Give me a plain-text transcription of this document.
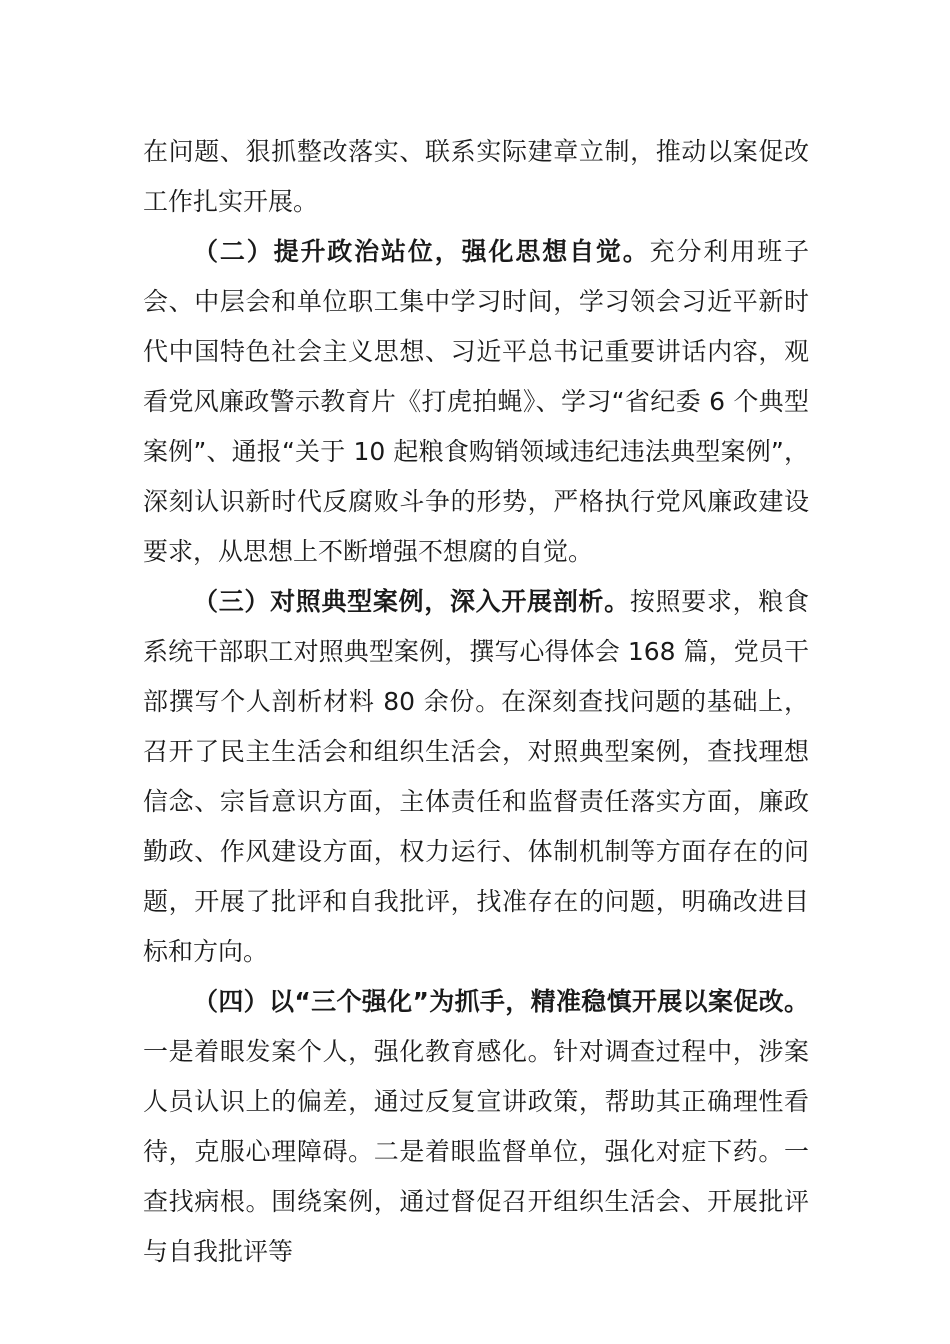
在问题、狠抓整改落实、联系实际建章立制，推动以案促改工作扎实开展。

（二）提升政治站位，强化思想自觉。充分利用班子会、中层会和单位职工集中学习时间，学习领会习近平新时代中国特色社会主义思想、习近平总书记重要讲话内容，观看党风廉政警示教育片《打虎拍蝇》、学习“省纪委 6 个典型案例”、通报“关于 10 起粮食购销领域违纪违法典型案例”，深刻认识新时代反腐败斗争的形势，严格执行党风廉政建设要求，从思想上不断增强不想腐的自觉。

（三）对照典型案例，深入开展剖析。按照要求，粮食系统干部职工对照典型案例，撰写心得体会 168 篇，党员干部撰写个人剖析材料 80 余份。在深刻查找问题的基础上，召开了民主生活会和组织生活会，对照典型案例，查找理想信念、宗旨意识方面，主体责任和监督责任落实方面，廉政勤政、作风建设方面，权力运行、体制机制等方面存在的问题，开展了批评和自我批评，找准存在的问题，明确改进目标和方向。

（四）以“三个强化”为抓手，精准稳慎开展以案促改。一是着眼发案个人，强化教育感化。针对调查过程中，涉案人员认识上的偏差，通过反复宣讲政策，帮助其正确理性看待，克服心理障碍。二是着眼监督单位，强化对症下药。一查找病根。围绕案例，通过督促召开组织生活会、开展批评与自我批评等
